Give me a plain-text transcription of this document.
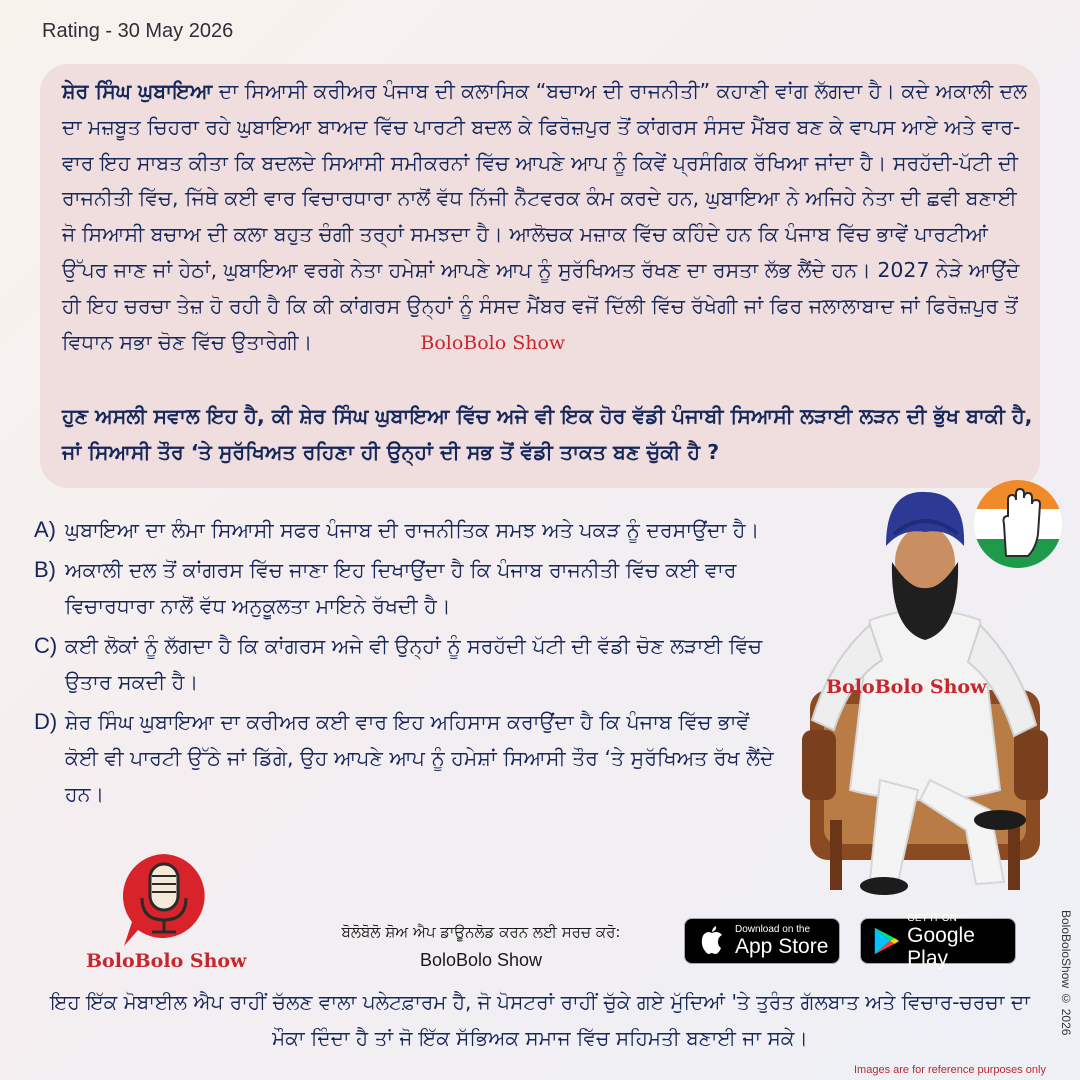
Rating - 30 May 2026

ਸ਼ੇਰ ਸਿੰਘ ਘੁਬਾਇਆ ਦਾ ਸਿਆਸੀ ਕਰੀਅਰ ਪੰਜਾਬ ਦੀ ਕਲਾਸਿਕ “ਬਚਾਅ ਦੀ ਰਾਜਨੀਤੀ” ਕਹਾਣੀ ਵਾਂਗ ਲੱਗਦਾ ਹੈ। ਕਦੇ ਅਕਾਲੀ ਦਲ ਦਾ ਮਜ਼ਬੂਤ ਚਿਹਰਾ ਰਹੇ ਘੁਬਾਇਆ ਬਾਅਦ ਵਿੱਚ ਪਾਰਟੀ ਬਦਲ ਕੇ ਫਿਰੋਜ਼ਪੁਰ ਤੋਂ ਕਾਂਗਰਸ ਸੰਸਦ ਮੈਂਬਰ ਬਣ ਕੇ ਵਾਪਸ ਆਏ ਅਤੇ ਵਾਰ-ਵਾਰ ਇਹ ਸਾਬਤ ਕੀਤਾ ਕਿ ਬਦਲਦੇ ਸਿਆਸੀ ਸਮੀਕਰਨਾਂ ਵਿੱਚ ਆਪਣੇ ਆਪ ਨੂੰ ਕਿਵੇਂ ਪ੍ਰਸੰਗਿਕ ਰੱਖਿਆ ਜਾਂਦਾ ਹੈ। ਸਰਹੱਦੀ-ਪੱਟੀ ਦੀ ਰਾਜਨੀਤੀ ਵਿੱਚ, ਜਿੱਥੇ ਕਈ ਵਾਰ ਵਿਚਾਰਧਾਰਾ ਨਾਲੋਂ ਵੱਧ ਨਿੱਜੀ ਨੈੱਟਵਰਕ ਕੰਮ ਕਰਦੇ ਹਨ, ਘੁਬਾਇਆ ਨੇ ਅਜਿਹੇ ਨੇਤਾ ਦੀ ਛਵੀ ਬਣਾਈ ਜੋ ਸਿਆਸੀ ਬਚਾਅ ਦੀ ਕਲਾ ਬਹੁਤ ਚੰਗੀ ਤਰ੍ਹਾਂ ਸਮਝਦਾ ਹੈ। ਆਲੋਚਕ ਮਜ਼ਾਕ ਵਿੱਚ ਕਹਿੰਦੇ ਹਨ ਕਿ ਪੰਜਾਬ ਵਿੱਚ ਭਾਵੇਂ ਪਾਰਟੀਆਂ ਉੱਪਰ ਜਾਣ ਜਾਂ ਹੇਠਾਂ, ਘੁਬਾਇਆ ਵਰਗੇ ਨੇਤਾ ਹਮੇਸ਼ਾਂ ਆਪਣੇ ਆਪ ਨੂੰ ਸੁਰੱਖਿਅਤ ਰੱਖਣ ਦਾ ਰਸਤਾ ਲੱਭ ਲੈਂਦੇ ਹਨ। 2027 ਨੇੜੇ ਆਉਂਦੇ ਹੀ ਇਹ ਚਰਚਾ ਤੇਜ਼ ਹੋ ਰਹੀ ਹੈ ਕਿ ਕੀ ਕਾਂਗਰਸ ਉਨ੍ਹਾਂ ਨੂੰ ਸੰਸਦ ਮੈਂਬਰ ਵਜੋਂ ਦਿੱਲੀ ਵਿੱਚ ਰੱਖੇਗੀ ਜਾਂ ਫਿਰ ਜਲਾਲਾਬਾਦ ਜਾਂ ਫਿਰੋਜ਼ਪੁਰ ਤੋਂ ਵਿਧਾਨ ਸਭਾ ਚੋਣ ਵਿੱਚ ਉਤਾਰੇਗੀ।	BoloBolo Show

ਹੁਣ ਅਸਲੀ ਸਵਾਲ ਇਹ ਹੈ, ਕੀ ਸ਼ੇਰ ਸਿੰਘ ਘੁਬਾਇਆ ਵਿੱਚ ਅਜੇ ਵੀ ਇਕ ਹੋਰ ਵੱਡੀ ਪੰਜਾਬੀ ਸਿਆਸੀ ਲੜਾਈ ਲੜਨ ਦੀ ਭੁੱਖ ਬਾਕੀ ਹੈ, ਜਾਂ ਸਿਆਸੀ ਤੌਰ ‘ਤੇ ਸੁਰੱਖਿਅਤ ਰਹਿਣਾ ਹੀ ਉਨ੍ਹਾਂ ਦੀ ਸਭ ਤੋਂ ਵੱਡੀ ਤਾਕਤ ਬਣ ਚੁੱਕੀ ਹੈ ?

A) ਘੁਬਾਇਆ ਦਾ ਲੰਮਾ ਸਿਆਸੀ ਸਫਰ ਪੰਜਾਬ ਦੀ ਰਾਜਨੀਤਿਕ ਸਮਝ ਅਤੇ ਪਕੜ ਨੂੰ ਦਰਸਾਉਂਦਾ ਹੈ।
B) ਅਕਾਲੀ ਦਲ ਤੋਂ ਕਾਂਗਰਸ ਵਿੱਚ ਜਾਣਾ ਇਹ ਦਿਖਾਉਂਦਾ ਹੈ ਕਿ ਪੰਜਾਬ ਰਾਜਨੀਤੀ ਵਿੱਚ ਕਈ ਵਾਰ ਵਿਚਾਰਧਾਰਾ ਨਾਲੋਂ ਵੱਧ ਅਨੁਕੂਲਤਾ ਮਾਇਨੇ ਰੱਖਦੀ ਹੈ।
C) ਕਈ ਲੋਕਾਂ ਨੂੰ ਲੱਗਦਾ ਹੈ ਕਿ ਕਾਂਗਰਸ ਅਜੇ ਵੀ ਉਨ੍ਹਾਂ ਨੂੰ ਸਰਹੱਦੀ ਪੱਟੀ ਦੀ ਵੱਡੀ ਚੋਣ ਲੜਾਈ ਵਿੱਚ ਉਤਾਰ ਸਕਦੀ ਹੈ।
D) ਸ਼ੇਰ ਸਿੰਘ ਘੁਬਾਇਆ ਦਾ ਕਰੀਅਰ ਕਈ ਵਾਰ ਇਹ ਅਹਿਸਾਸ ਕਰਾਉਂਦਾ ਹੈ ਕਿ ਪੰਜਾਬ ਵਿੱਚ ਭਾਵੇਂ ਕੋਈ ਵੀ ਪਾਰਟੀ ਉੱਠੇ ਜਾਂ ਡਿੱਗੇ, ਉਹ ਆਪਣੇ ਆਪ ਨੂੰ ਹਮੇਸ਼ਾਂ ਸਿਆਸੀ ਤੌਰ ‘ਤੇ ਸੁਰੱਖਿਅਤ ਰੱਖ ਲੈਂਦੇ ਹਨ।
BoloBolo Show
BoloBolo Show
ਬੋਲੋਬੋਲੋ ਸ਼ੋਅ ਐਪ ਡਾਊਨਲੋਡ ਕਰਨ ਲਈ ਸਰਚ ਕਰੋ:
BoloBolo Show
Download on the
App Store
GET IT ON
Google Play
ਇਹ ਇੱਕ ਮੋਬਾਈਲ ਐਪ ਰਾਹੀਂ ਚੱਲਣ ਵਾਲਾ ਪਲੇਟਫ਼ਾਰਮ ਹੈ, ਜੋ ਪੋਸਟਰਾਂ ਰਾਹੀਂ ਚੁੱਕੇ ਗਏ ਮੁੱਦਿਆਂ 'ਤੇ ਤੁਰੰਤ ਗੱਲਬਾਤ ਅਤੇ ਵਿਚਾਰ-ਚਰਚਾ ਦਾ ਮੌਕਾ ਦਿੰਦਾ ਹੈ ਤਾਂ ਜੋ ਇੱਕ ਸੱਭਿਅਕ ਸਮਾਜ ਵਿੱਚ ਸਹਿਮਤੀ ਬਣਾਈ ਜਾ ਸਕੇ।
BoloBoloShow © 2026
Images are for reference purposes only
